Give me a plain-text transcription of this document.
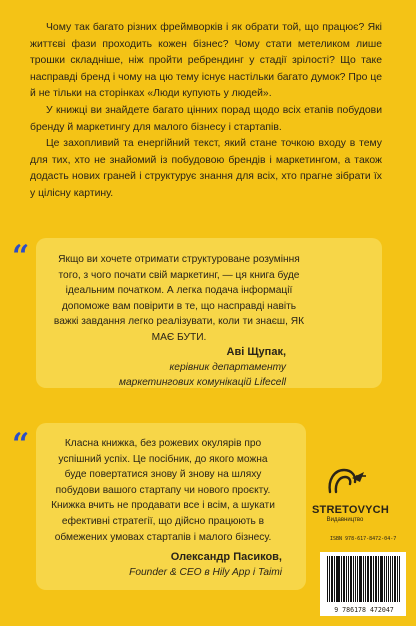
Чому так багато різних фреймворків і як обрати той, що працює? Які життєві фази проходить кожен бізнес? Чому стати метеликом лише трошки складніше, ніж пройти ребрендинг у стадії зрілості? Що таке насправді бренд і чому на цю тему існує настільки багато думок? Про це й не тільки на сторінках «Люди купують у людей».

У книжці ви знайдете багато цінних порад щодо всіх етапів побудови бренду й маркетингу для малого бізнесу і стартапів.

Це захопливий та енергійний текст, який стане точкою входу в тему для тих, хто не знайомий із побудовою брендів і маркетингом, а також додасть нових граней і структурує знання для всіх, хто прагне зібрати їх у цілісну картину.

“	Якщо ви хочете отримати структуроване розуміння того, з чого почати свій маркетинг, — ця книга буде ідеальним початком. А легка подача інформації допоможе вам повірити в те, що насправді навіть важкі завдання легко реалізувати, коли ти знаєш, ЯК МАЄ БУТИ.
Аві Щупак,
керівник департаменту
маркетингових комунікацій Lifecell
“	Класна книжка, без рожевих окулярів про успішний успіх. Це посібник, до якого можна буде повертатися знову й знову на шляху побудови вашого стартапу чи нового проєкту. Книжка вчить не продавати все і всім, а шукати ефективні стратегії, що дійсно працюють в обмежених умовах стартапів і малого бізнесу.
Олександр Пасиков,
Founder & CEO в Hily App і Taimi
STRETOVYCH
Видавництво
ISBN 978-617-8472-04-7
9 786178 472047
